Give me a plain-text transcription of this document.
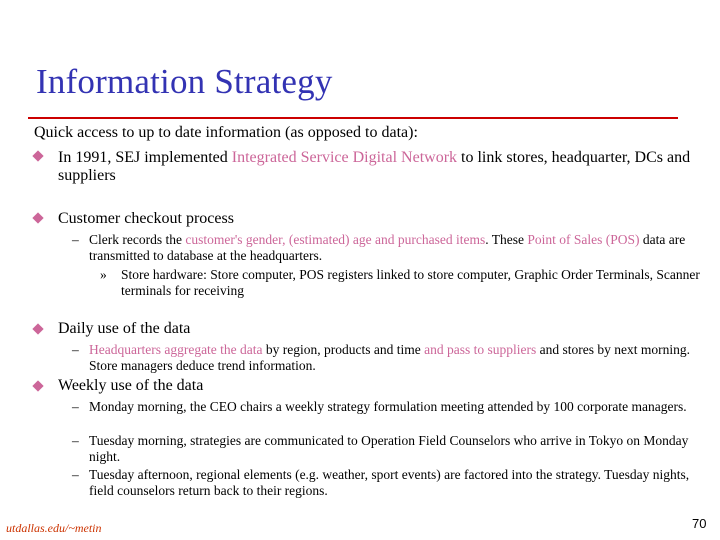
Information Strategy
Quick access to up to date information (as opposed to data):
In 1991, SEJ implemented Integrated Service Digital Network to link stores, headquarter, DCs and suppliers
Customer checkout process
– Clerk records the customer's gender, (estimated) age and purchased items. These Point of Sales (POS) data are transmitted to database at the headquarters.
» Store hardware: Store computer, POS registers linked to store computer, Graphic Order Terminals, Scanner terminals for receiving
Daily use of the data
– Headquarters aggregate the data by region, products and time and pass to suppliers and stores by next morning. Store managers deduce trend information.
Weekly use of the data
– Monday morning, the CEO chairs a weekly strategy formulation meeting attended by 100 corporate managers.
– Tuesday morning, strategies are communicated to Operation Field Counselors who arrive in Tokyo on Monday night.
– Tuesday afternoon, regional elements (e.g. weather, sport events) are factored into the strategy. Tuesday nights, field counselors return back to their regions.
utdallas.edu/~metin	70
